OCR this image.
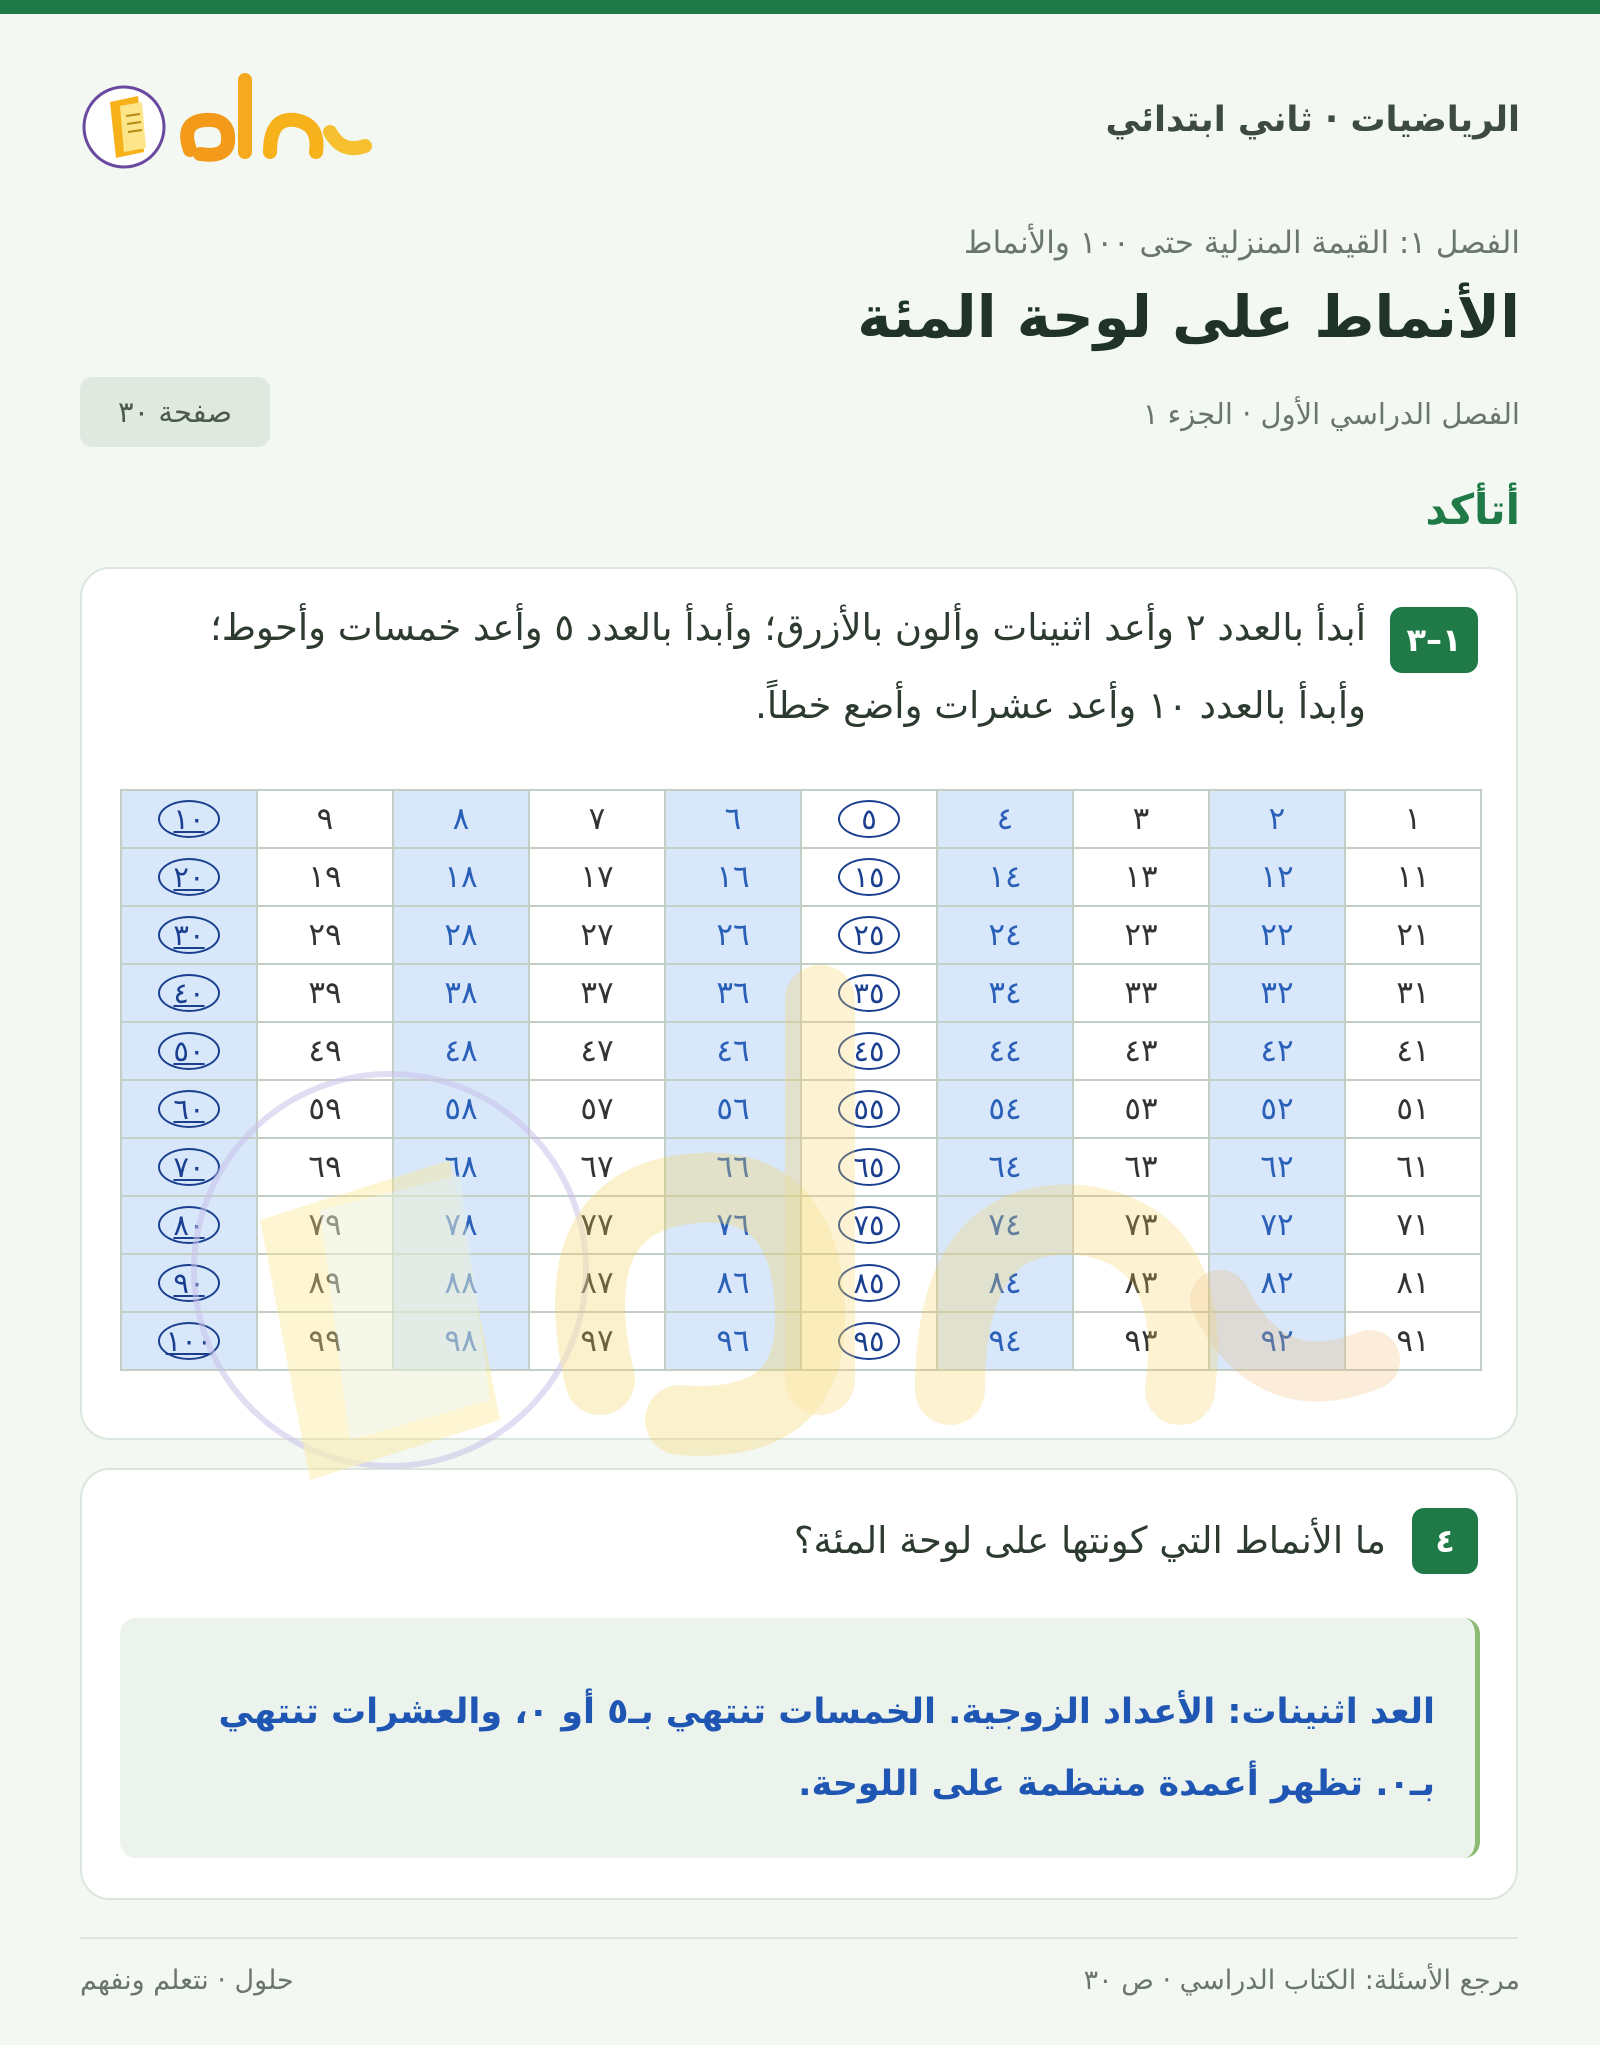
الرياضيات · ثاني ابتدائي
الفصل ١: القيمة المنزلية حتى ١٠٠ والأنماط
الأنماط على لوحة المئة
الفصل الدراسي الأول · الجزء ١
صفحة ٣٠
أتأكد
١–٣
أبدأ بالعدد ٢ وأعد اثنينات وألون بالأزرق؛ وأبدأ بالعدد ٥ وأعد خمسات وأحوط؛ وأبدأ بالعدد ١٠ وأعد عشرات وأضع خطاً.
١	٢	٣	٤	٥	٦	٧	٨	٩	١٠
١١	١٢	١٣	١٤	١٥	١٦	١٧	١٨	١٩	٢٠
٢١	٢٢	٢٣	٢٤	٢٥	٢٦	٢٧	٢٨	٢٩	٣٠
٣١	٣٢	٣٣	٣٤	٣٥	٣٦	٣٧	٣٨	٣٩	٤٠
٤١	٤٢	٤٣	٤٤	٤٥	٤٦	٤٧	٤٨	٤٩	٥٠
٥١	٥٢	٥٣	٥٤	٥٥	٥٦	٥٧	٥٨	٥٩	٦٠
٦١	٦٢	٦٣	٦٤	٦٥	٦٦	٦٧	٦٨	٦٩	٧٠
٧١	٧٢	٧٣	٧٤	٧٥	٧٦	٧٧	٧٨	٧٩	٨٠
٨١	٨٢	٨٣	٨٤	٨٥	٨٦	٨٧	٨٨	٨٩	٩٠
٩١	٩٢	٩٣	٩٤	٩٥	٩٦	٩٧	٩٨	٩٩	١٠٠
٤
ما الأنماط التي كونتها على لوحة المئة؟
العد اثنينات: الأعداد الزوجية. الخمسات تنتهي بـ٥ أو ٠، والعشرات تنتهي بـ٠. تظهر أعمدة منتظمة على اللوحة.
مرجع الأسئلة: الكتاب الدراسي · ص ٣٠
حلول · نتعلم ونفهم
